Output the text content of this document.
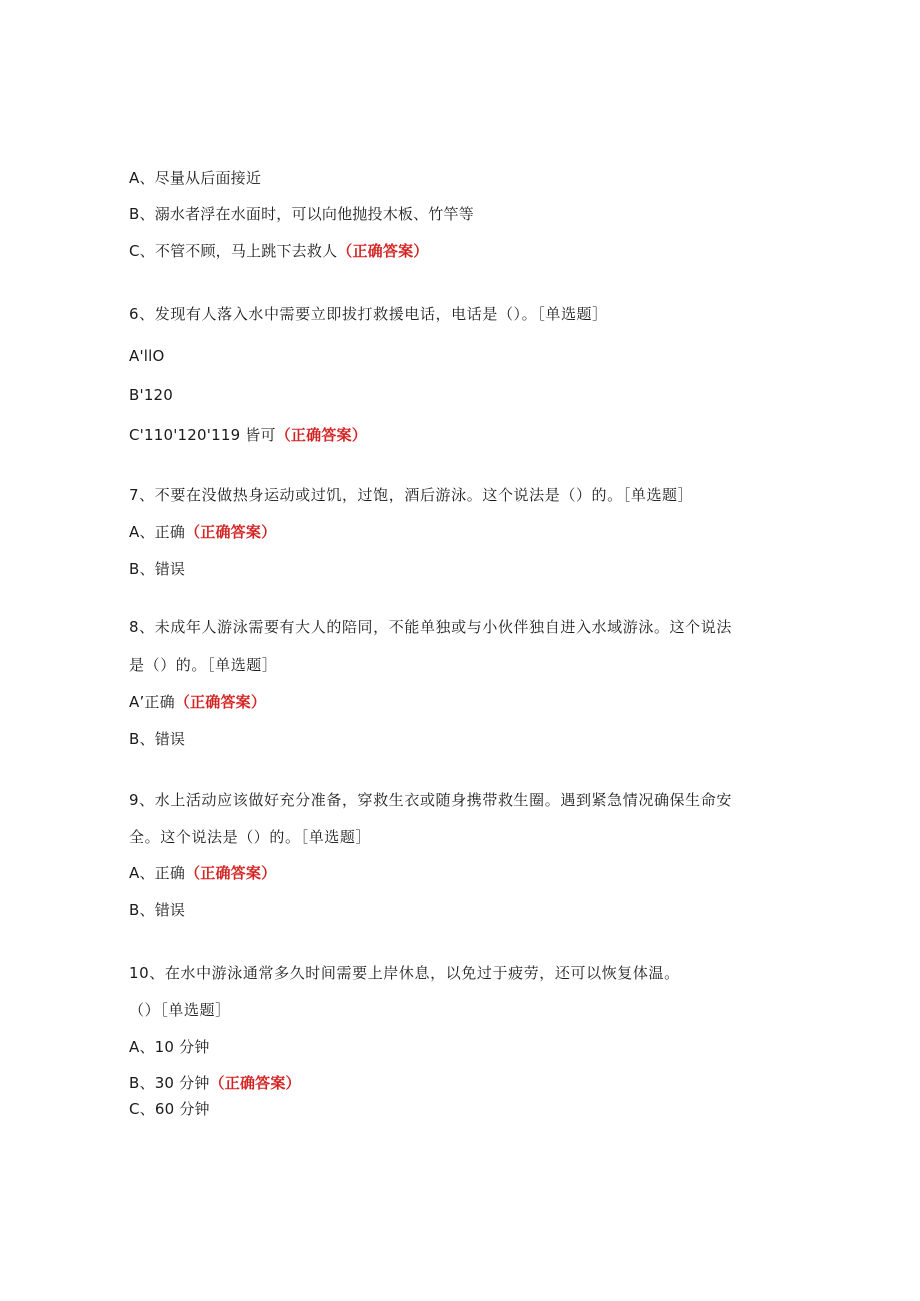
A、尽量从后面接近
B、溺水者浮在水面时，可以向他抛投木板、竹竿等
C、不管不顾，马上跳下去救人（正确答案）
6、发现有人落入水中需要立即拔打救援电话，电话是（）。［单选题］
A'llO
B'120
C'110'120'119 皆可（正确答案）
7、不要在没做热身运动或过饥，过饱，酒后游泳。这个说法是（）的。［单选题］
A、正确（正确答案）
B、错误
8、未成年人游泳需要有大人的陪同，不能单独或与小伙伴独自进入水域游泳。这个说法
是（）的。［单选题］
A’正确（正确答案）
B、错误
9、水上活动应该做好充分准备，穿救生衣或随身携带救生圈。遇到紧急情况确保生命安
全。这个说法是（）的。［单选题］
A、正确（正确答案）
B、错误
10、在水中游泳通常多久时间需要上岸休息，以免过于疲劳，还可以恢复体温。
（）［单选题］
A、10 分钟
B、30 分钟（正确答案）
C、60 分钟
